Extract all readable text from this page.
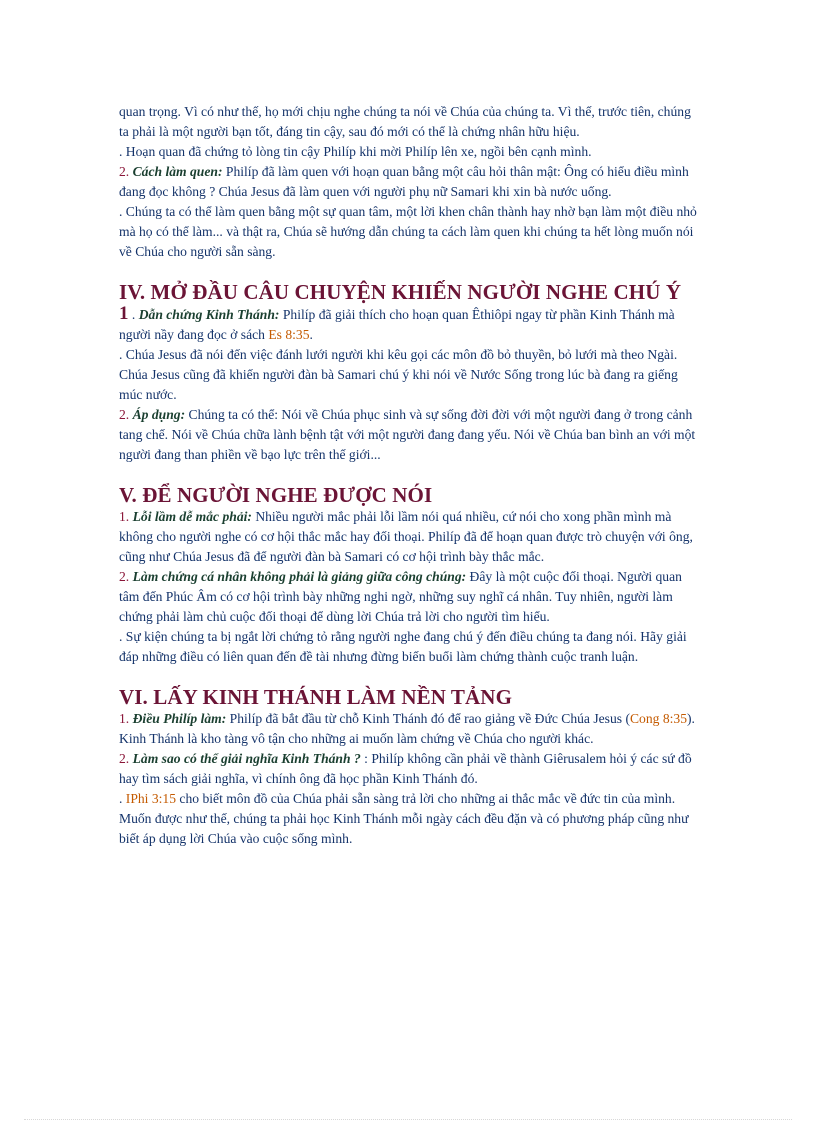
quan trọng. Vì có như thế, họ mới chịu nghe chúng ta nói về Chúa của chúng ta. Vì thế, trước tiên, chúng ta phải là một người bạn tốt, đáng tin cậy, sau đó mới có thể là chứng nhân hữu hiệu.

. Hoạn quan đã chứng tỏ lòng tin cậy Philíp khi mời Philíp lên xe, ngồi bên cạnh mình.

2. Cách làm quen: Philíp đã làm quen với hoạn quan bằng một câu hỏi thân mật: Ông có hiểu điều mình đang đọc không ? Chúa Jesus đã làm quen với người phụ nữ Samari khi xin bà nước uống.

. Chúng ta có thể làm quen bằng một sự quan tâm, một lời khen chân thành hay nhờ bạn làm một điều nhỏ mà họ có thể làm... và thật ra, Chúa sẽ hướng dẫn chúng ta cách làm quen khi chúng ta hết lòng muốn nói về Chúa cho người sẵn sàng.

IV. MỞ ĐẦU CÂU CHUYỆN KHIẾN NGƯỜI NGHE CHÚ Ý

1 . Dẫn chứng Kinh Thánh: Philíp đã giải thích cho hoạn quan Êthiôpi ngay từ phần Kinh Thánh mà người nầy đang đọc ở sách Es 8:35.

. Chúa Jesus đã nói đến việc đánh lưới người khi kêu gọi các môn đồ bỏ thuyền, bỏ lưới mà theo Ngài. Chúa Jesus cũng đã khiến người đàn bà Samari chú ý khi nói về Nước Sống trong lúc bà đang ra giếng múc nước.

2. Áp dụng: Chúng ta có thể: Nói về Chúa phục sinh và sự sống đời đời với một người đang ở trong cảnh tang chế. Nói về Chúa chữa lành bệnh tật với một người đang đang yếu. Nói về Chúa ban bình an với một người đang than phiền về bạo lực trên thế giới...

V. ĐỂ NGƯỜI NGHE ĐƯỢC NÓI

1. Lỗi lầm dễ mắc phải: Nhiều người mắc phải lỗi lầm nói quá nhiều, cứ nói cho xong phần mình mà không cho người nghe có cơ hội thắc mắc hay đối thoại. Philíp đã để hoạn quan được trò chuyện với ông, cũng như Chúa Jesus đã để người đàn bà Samari có cơ hội trình bày thắc mắc.

2. Làm chứng cá nhân không phải là giảng giữa công chúng: Đây là một cuộc đối thoại. Người quan tâm đến Phúc Âm có cơ hội trình bày những nghi ngờ, những suy nghĩ cá nhân. Tuy nhiên, người làm chứng phải làm chủ cuộc đối thoại để dùng lời Chúa trả lời cho người tìm hiểu.

. Sự kiện chúng ta bị ngắt lời chứng tỏ rằng người nghe đang chú ý đến điều chúng ta đang nói. Hãy giải đáp những điều có liên quan đến đề tài nhưng đừng biến buổi làm chứng thành cuộc tranh luận.

VI. LẤY KINH THÁNH LÀM NỀN TẢNG

1. Điều Philíp làm: Philíp đã bắt đầu từ chỗ Kinh Thánh đó để rao giảng về Đức Chúa Jesus (Cong 8:35). Kinh Thánh là kho tàng vô tận cho những ai muốn làm chứng về Chúa cho người khác.

2. Làm sao có thể giải nghĩa Kinh Thánh ? : Philíp không cần phải về thành Giêrusalem hỏi ý các sứ đồ hay tìm sách giải nghĩa, vì chính ông đã học phần Kinh Thánh đó.

. IPhi 3:15 cho biết môn đồ của Chúa phải sẵn sàng trả lời cho những ai thắc mắc về đức tin của mình. Muốn được như thế, chúng ta phải học Kinh Thánh mỗi ngày cách đều đặn và có phương pháp cũng như biết áp dụng lời Chúa vào cuộc sống mình.
